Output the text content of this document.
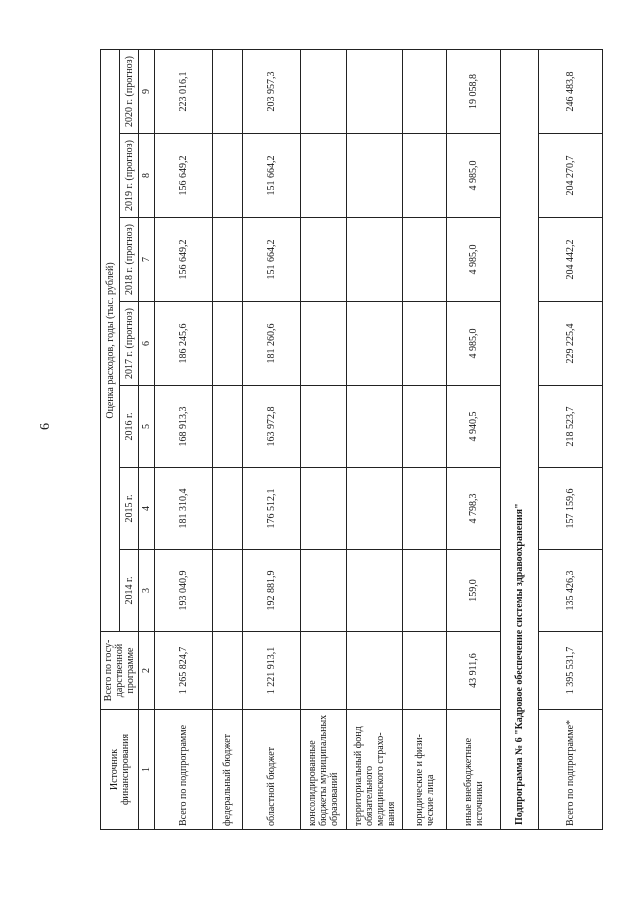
6
Источник финансирования	Всего по государственной программе	Оценка расходов, годы (тыс. рублей)						
		2014 г.	2015 г.	2016 г.	2017 г. (прогноз)	2018 г. (прогноз)	2019 г. (прогноз)	2020 г. (прогноз)
1	2	3	4	5	6	7	8	9
Всего по подпрограмме	1 265 824,7	193 040,9	181 310,4	168 913,3	186 245,6	156 649,2	156 649,2	223 016,1
федеральный бюджет								
областной бюджет	1 221 913,1	192 881,9	176 512,1	163 972,8	181 260,6	151 664,2	151 664,2	203 957,3
консолидированные бюджеты муниципальных образований								
территориальный фонд обязательного медицинского страхования								
юридические и физические лица								
иные внебюджетные источники	43 911,6	159,0	4 798,3	4 940,5	4 985,0	4 985,0	4 985,0	19 058,8
Подпрограмма № 6 "Кадровое обеспечение системы здравоохранения"								
Всего по подпрограмме*	1 395 531,7	135 426,3	157 159,6	218 523,7	229 225,4	204 442,2	204 270,7	246 483,8
